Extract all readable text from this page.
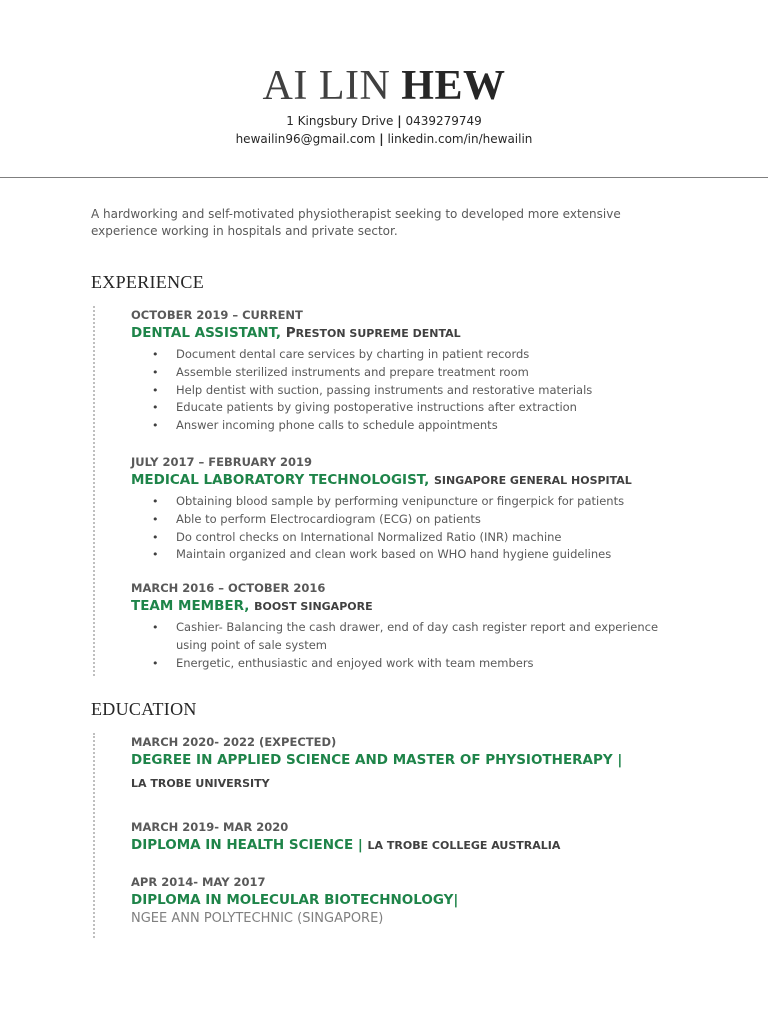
AI LIN HEW
1 Kingsbury Drive | 0439279749
hewailin96@gmail.com | linkedin.com/in/hewailin
A hardworking and self-motivated physiotherapist seeking to developed more extensive experience working in hospitals and private sector.
EXPERIENCE
OCTOBER 2019 – CURRENT
DENTAL ASSISTANT, PRESTON SUPREME DENTAL
• Document dental care services by charting in patient records
• Assemble sterilized instruments and prepare treatment room
• Help dentist with suction, passing instruments and restorative materials
• Educate patients by giving postoperative instructions after extraction
• Answer incoming phone calls to schedule appointments
JULY 2017 – FEBRUARY 2019
MEDICAL LABORATORY TECHNOLOGIST, SINGAPORE GENERAL HOSPITAL
• Obtaining blood sample by performing venipuncture or fingerpick for patients
• Able to perform Electrocardiogram (ECG) on patients
• Do control checks on International Normalized Ratio (INR) machine
• Maintain organized and clean work based on WHO hand hygiene guidelines
MARCH 2016 – OCTOBER 2016
TEAM MEMBER, BOOST SINGAPORE
• Cashier- Balancing the cash drawer, end of day cash register report and experience using point of sale system
• Energetic, enthusiastic and enjoyed work with team members
EDUCATION
MARCH 2020- 2022 (EXPECTED)
DEGREE IN APPLIED SCIENCE AND MASTER OF PHYSIOTHERAPY |
LA TROBE UNIVERSITY
MARCH 2019- MAR 2020
DIPLOMA IN HEALTH SCIENCE | LA TROBE COLLEGE AUSTRALIA
APR 2014- MAY 2017
DIPLOMA IN MOLECULAR BIOTECHNOLOGY|
NGEE ANN POLYTECHNIC (SINGAPORE)
